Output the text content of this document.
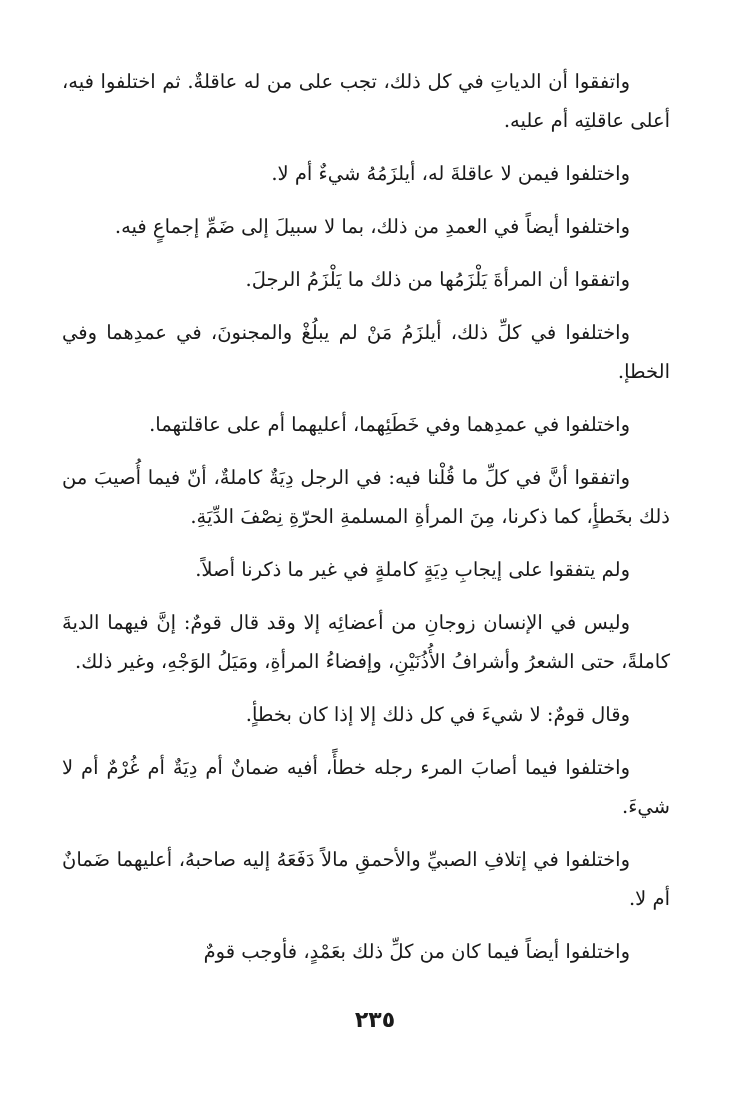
واتفقوا أن الدياتِ في كل ذلك، تجب على من له عاقلةٌ. ثم اختلفوا فيه، أعلى عاقلتِه أم عليه.

واختلفوا فيمن لا عاقلةَ له، أيلزَمُهُ شيءٌ أم لا.

واختلفوا أيضاً في العمدِ من ذلك، بما لا سبيلَ إلى ضَمِّ إجماعٍ فيه.

واتفقوا أن المرأةَ يَلْزَمُها من ذلك ما يَلْزَمُ الرجلَ.

واختلفوا في كلِّ ذلك، أيلزَمُ مَنْ لم يبلُغْ والمجنونَ، في عمدِهما وفي الخطإ.

واختلفوا في عمدِهما وفي خَطَئِهما، أعليهما أم على عاقلتهما.

واتفقوا أنَّ في كلِّ ما قُلْنا فيه: في الرجل دِيَةٌ كاملةٌ، أنّ فيما أُصيبَ من ذلك بخَطأٍ، كما ذكرنا، مِنَ المرأةِ المسلمةِ الحرّةِ نِصْفَ الدِّيَةِ.

ولم يتفقوا على إيجابِ دِيَةٍ كاملةٍ في غير ما ذكرنا أصلاً.

وليس في الإنسان زوجانِ من أعضائِه إلا وقد قال قومٌ: إنَّ فيهما الديةَ كاملةً، حتى الشعرُ وأشرافُ الأُذُنَيْنِ، وإفضاءُ المرأةِ، ومَيَلُ الوَجْهِ، وغير ذلك.

وقال قومٌ: لا شيءَ في كل ذلك إلا إذا كان بخطأٍ.

واختلفوا فيما أصابَ المرء رجله خطأً، أفيه ضمانٌ أم دِيَةٌ أم غُرْمٌ أم لا شيءَ.

واختلفوا في إتلافِ الصبيِّ والأحمقِ مالاً دَفَعَهُ إليه صاحبهُ، أعليهما ضَمانٌ أم لا.

واختلفوا أيضاً فيما كان من كلِّ ذلك بعَمْدٍ، فأوجب قومٌ

٢٣٥
